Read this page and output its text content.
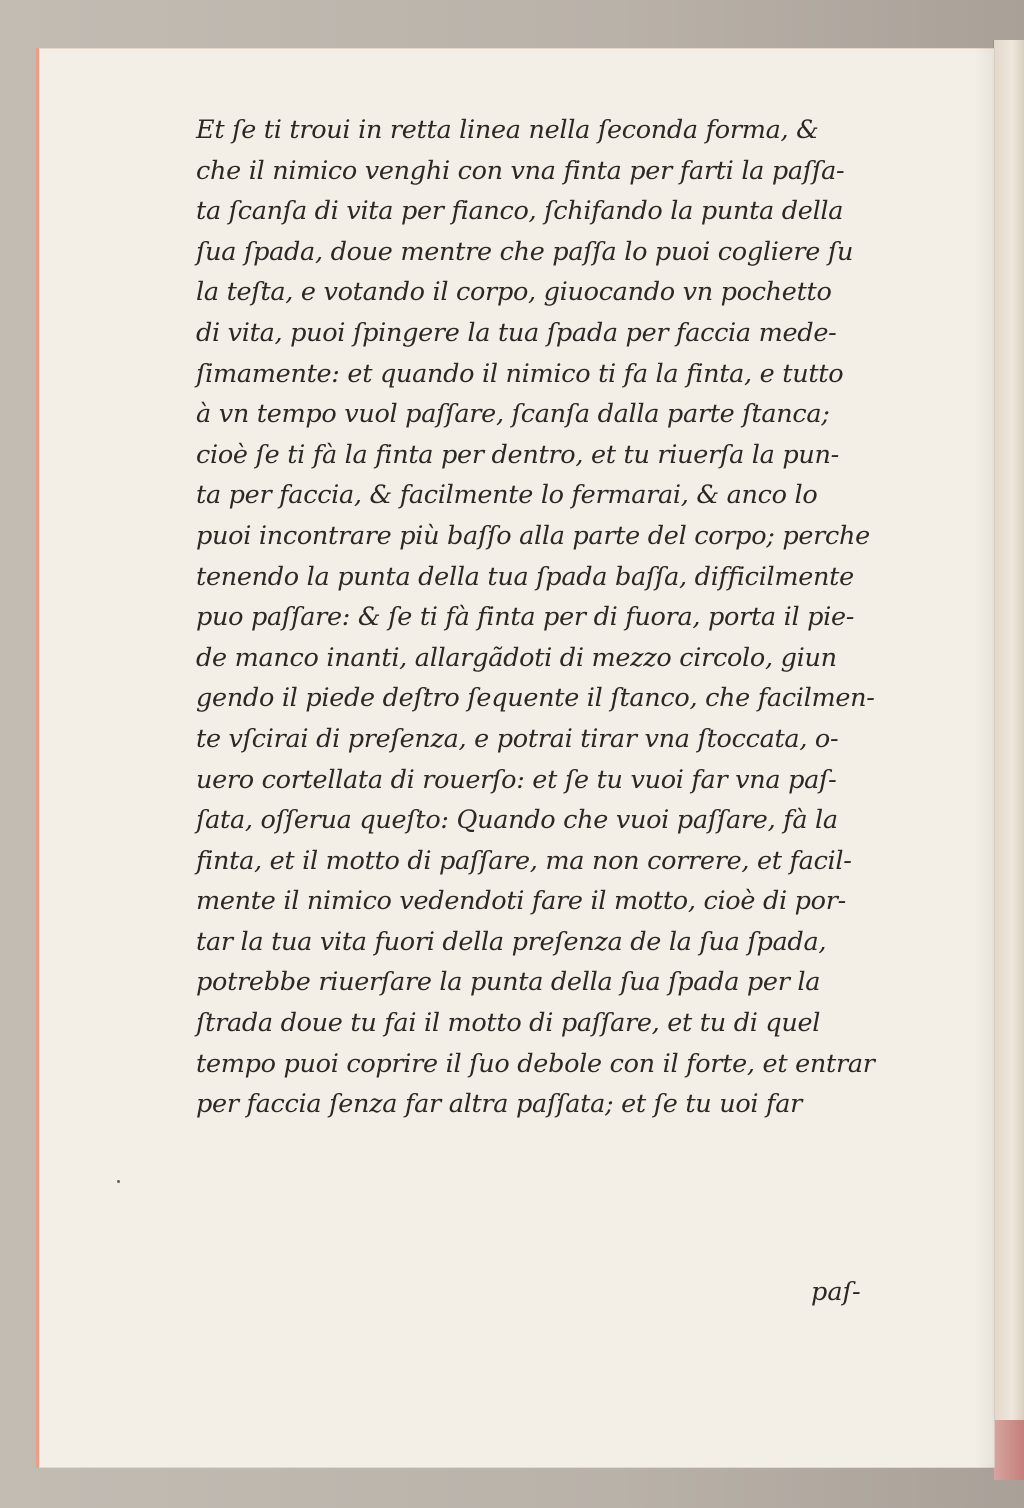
Et ſe ti troui in retta linea nella ſeconda forma, &
che il nimico venghi con vna finta per farti la paſſa-
ta ſcanſa di vita per fianco, ſchifando la punta della
ſua ſpada, doue mentre che paſſa lo puoi cogliere ſu
la teſta, e votando il corpo, giuocando vn pochetto
di vita, puoi ſpingere la tua ſpada per faccia mede-
ſimamente: et quando il nimico ti fa la finta, e tutto
à vn tempo vuol paſſare, ſcanſa dalla parte ſtanca;
cioè ſe ti fà la finta per dentro, et tu riuerſa la pun-
ta per faccia, & facilmente lo fermarai, & anco lo
puoi incontrare più baſſo alla parte del corpo; perche
tenendo la punta della tua ſpada baſſa, difficilmente
puo paſſare: & ſe ti fà finta per di fuora, porta il pie-
de manco inanti, allargãdoti di mezzo circolo, giun
gendo il piede deſtro ſequente il ſtanco, che facilmen-
te vſcirai di preſenza, e potrai tirar vna ſtoccata, o-
uero cortellata di rouerſo: et ſe tu vuoi far vna paſ-
ſata, oſſerua queſto: Quando che vuoi paſſare, fà la
finta, et il motto di paſſare, ma non correre, et facil-
mente il nimico vedendoti fare il motto, cioè di por-
tar la tua vita fuori della preſenza de la ſua ſpada,
potrebbe riuerſare la punta della ſua ſpada per la
ſtrada doue tu fai il motto di paſſare, et tu di quel
tempo puoi coprire il ſuo debole con il forte, et entrar
per faccia ſenza far altra paſſata; et ſe tu uoi far
paſ-
